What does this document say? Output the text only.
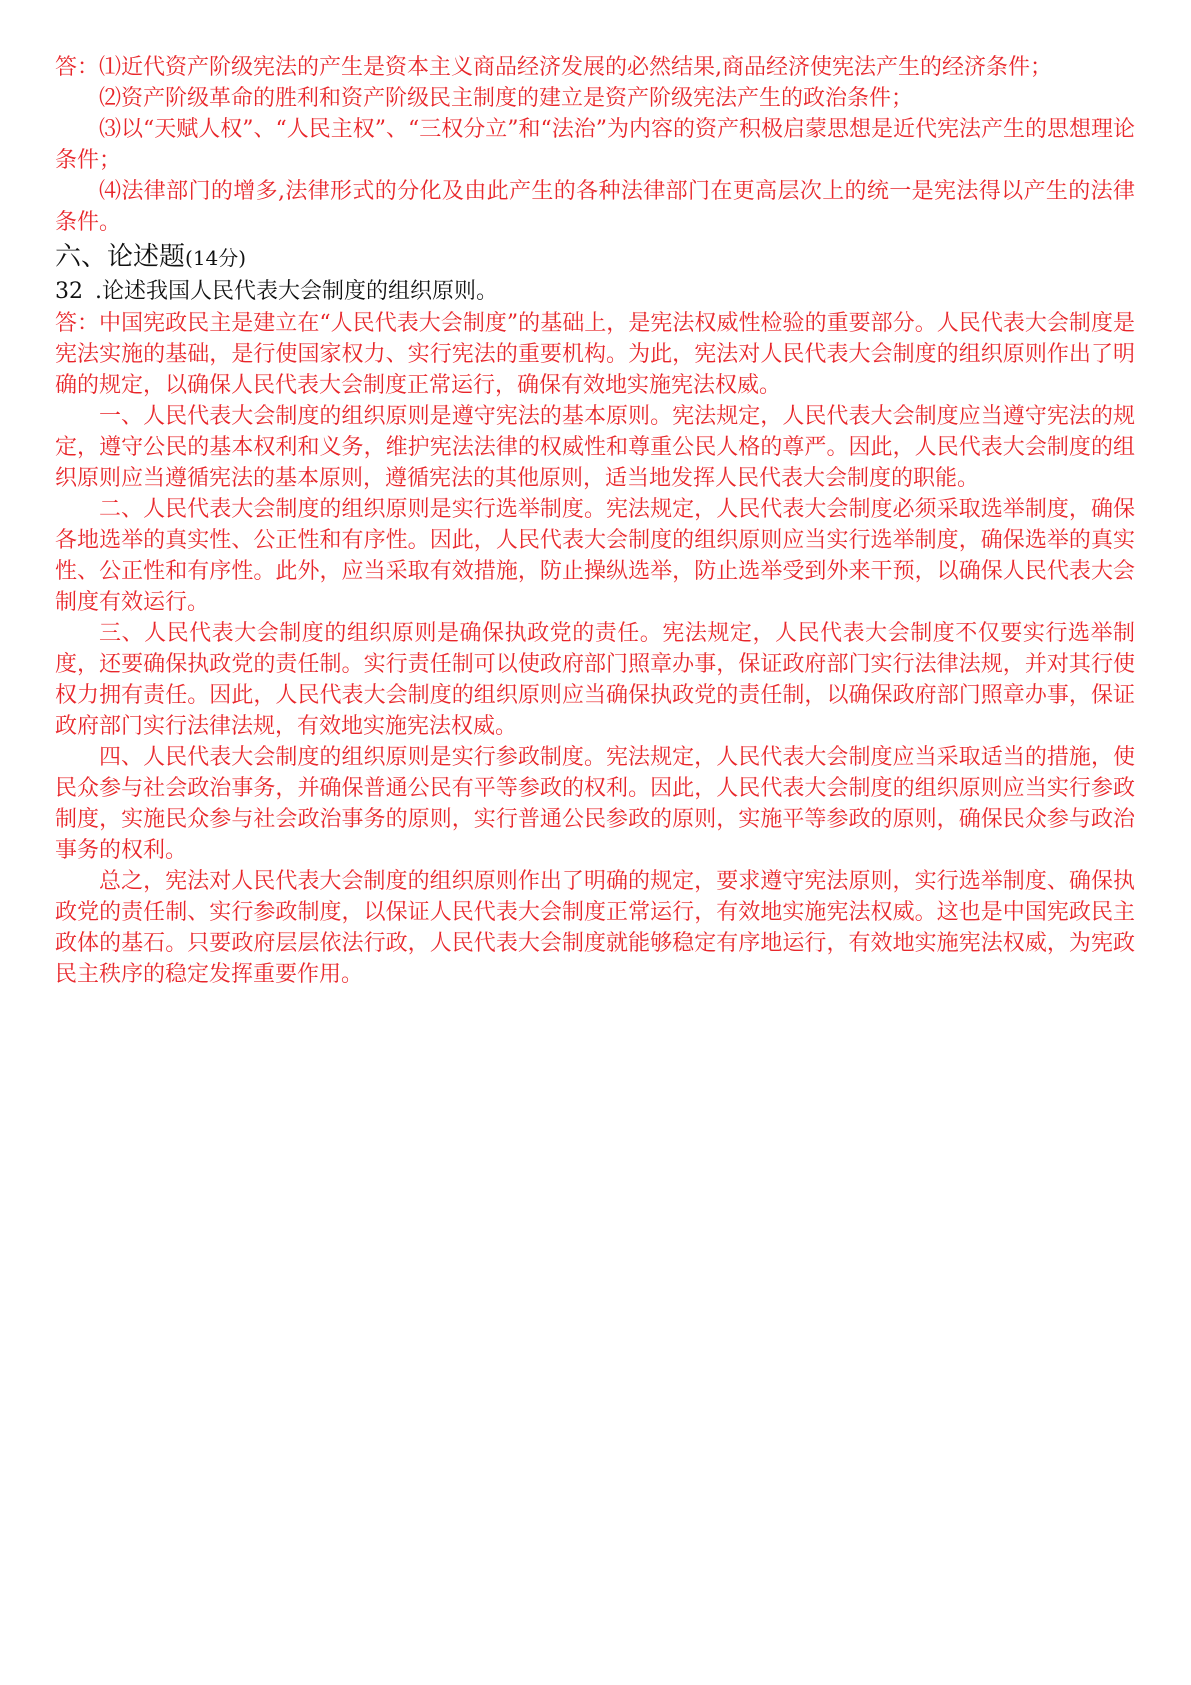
答：⑴近代资产阶级宪法的产生是资本主义商品经济发展的必然结果,商品经济使宪法产生的经济条件；

⑵资产阶级革命的胜利和资产阶级民主制度的建立是资产阶级宪法产生的政治条件；

⑶以“天赋人权”、“人民主权”、“三权分立”和“法治”为内容的资产积极启蒙思想是近代宪法产生的思想理论条件；

⑷法律部门的增多,法律形式的分化及由此产生的各种法律部门在更高层次上的统一是宪法得以产生的法律条件。

六、论述题(14分)
32 .论述我国人民代表大会制度的组织原则。

答：中国宪政民主是建立在“人民代表大会制度”的基础上，是宪法权威性检验的重要部分。人民代表大会制度是宪法实施的基础，是行使国家权力、实行宪法的重要机构。为此，宪法对人民代表大会制度的组织原则作出了明确的规定，以确保人民代表大会制度正常运行，确保有效地实施宪法权威。

一、人民代表大会制度的组织原则是遵守宪法的基本原则。宪法规定，人民代表大会制度应当遵守宪法的规定，遵守公民的基本权利和义务，维护宪法法律的权威性和尊重公民人格的尊严。因此，人民代表大会制度的组织原则应当遵循宪法的基本原则，遵循宪法的其他原则，适当地发挥人民代表大会制度的职能。

二、人民代表大会制度的组织原则是实行选举制度。宪法规定，人民代表大会制度必须采取选举制度，确保各地选举的真实性、公正性和有序性。因此，人民代表大会制度的组织原则应当实行选举制度，确保选举的真实性、公正性和有序性。此外，应当采取有效措施，防止操纵选举，防止选举受到外来干预，以确保人民代表大会制度有效运行。

三、人民代表大会制度的组织原则是确保执政党的责任。宪法规定，人民代表大会制度不仅要实行选举制度，还要确保执政党的责任制。实行责任制可以使政府部门照章办事，保证政府部门实行法律法规，并对其行使权力拥有责任。因此，人民代表大会制度的组织原则应当确保执政党的责任制，以确保政府部门照章办事，保证政府部门实行法律法规，有效地实施宪法权威。

四、人民代表大会制度的组织原则是实行参政制度。宪法规定，人民代表大会制度应当采取适当的措施，使民众参与社会政治事务，并确保普通公民有平等参政的权利。因此，人民代表大会制度的组织原则应当实行参政制度，实施民众参与社会政治事务的原则，实行普通公民参政的原则，实施平等参政的原则，确保民众参与政治事务的权利。

总之，宪法对人民代表大会制度的组织原则作出了明确的规定，要求遵守宪法原则，实行选举制度、确保执政党的责任制、实行参政制度，以保证人民代表大会制度正常运行，有效地实施宪法权威。这也是中国宪政民主政体的基石。只要政府层层依法行政，人民代表大会制度就能够稳定有序地运行，有效地实施宪法权威，为宪政民主秩序的稳定发挥重要作用。
